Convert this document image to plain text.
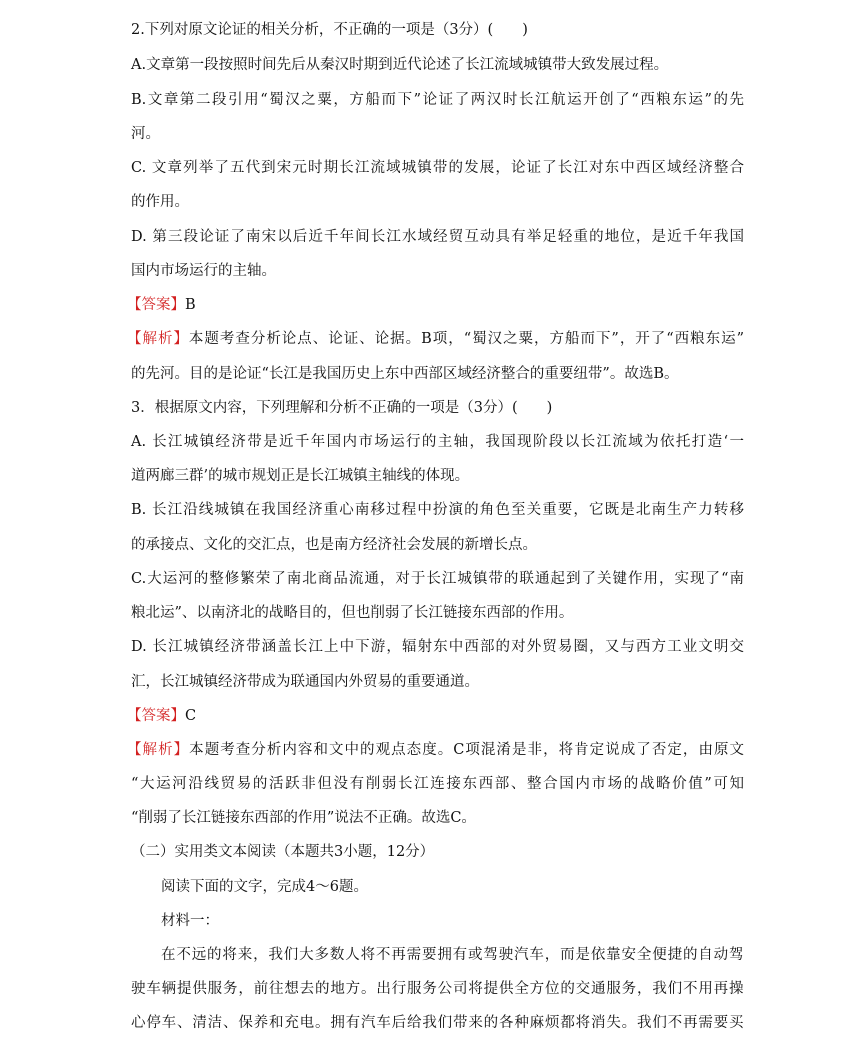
2.下列对原文论证的相关分析，不正确的一项是（3分）(　　)
A.文章第一段按照时间先后从秦汉时期到近代论述了长江流域城镇带大致发展过程。
B.文章第二段引用“蜀汉之粟，方船而下”论证了两汉时长江航运开创了“西粮东运”的先
河。
C. 文章列举了五代到宋元时期长江流域城镇带的发展，论证了长江对东中西区域经济整合
的作用。
D. 第三段论证了南宋以后近千年间长江水域经贸互动具有举足轻重的地位，是近千年我国
国内市场运行的主轴。
【答案】B
【解析】本题考查分析论点、论证、论据。B项，“蜀汉之粟，方船而下”，开了“西粮东运”
的先河。目的是论证“长江是我国历史上东中西部区域经济整合的重要纽带”。故选B。
3．根据原文内容，下列理解和分析不正确的一项是（3分）(　　)
A. 长江城镇经济带是近千年国内市场运行的主轴，我国现阶段以长江流域为依托打造‘一
道两廊三群’的城市规划正是长江城镇主轴线的体现。
B. 长江沿线城镇在我国经济重心南移过程中扮演的角色至关重要，它既是北南生产力转移
的承接点、文化的交汇点，也是南方经济社会发展的新增长点。
C.大运河的整修繁荣了南北商品流通，对于长江城镇带的联通起到了关键作用，实现了“南
粮北运”、以南济北的战略目的，但也削弱了长江链接东西部的作用。
D. 长江城镇经济带涵盖长江上中下游，辐射东中西部的对外贸易圈，又与西方工业文明交
汇，长江城镇经济带成为联通国内外贸易的重要通道。
【答案】C
【解析】本题考查分析内容和文中的观点态度。C项混淆是非，将肯定说成了否定，由原文
“大运河沿线贸易的活跃非但没有削弱长江连接东西部、整合国内市场的战略价值”可知
“削弱了长江链接东西部的作用”说法不正确。故选C。
（二）实用类文本阅读（本题共3小题，12分）
阅读下面的文字，完成4～6题。
材料一：
在不远的将来，我们大多数人将不再需要拥有或驾驶汽车，而是依靠安全便捷的自动驾
驶车辆提供服务，前往想去的地方。出行服务公司将提供全方位的交通服务，我们不用再操
心停车、清洁、保养和充电。拥有汽车后给我们带来的各种麻烦都将消失。我们不再需要买
